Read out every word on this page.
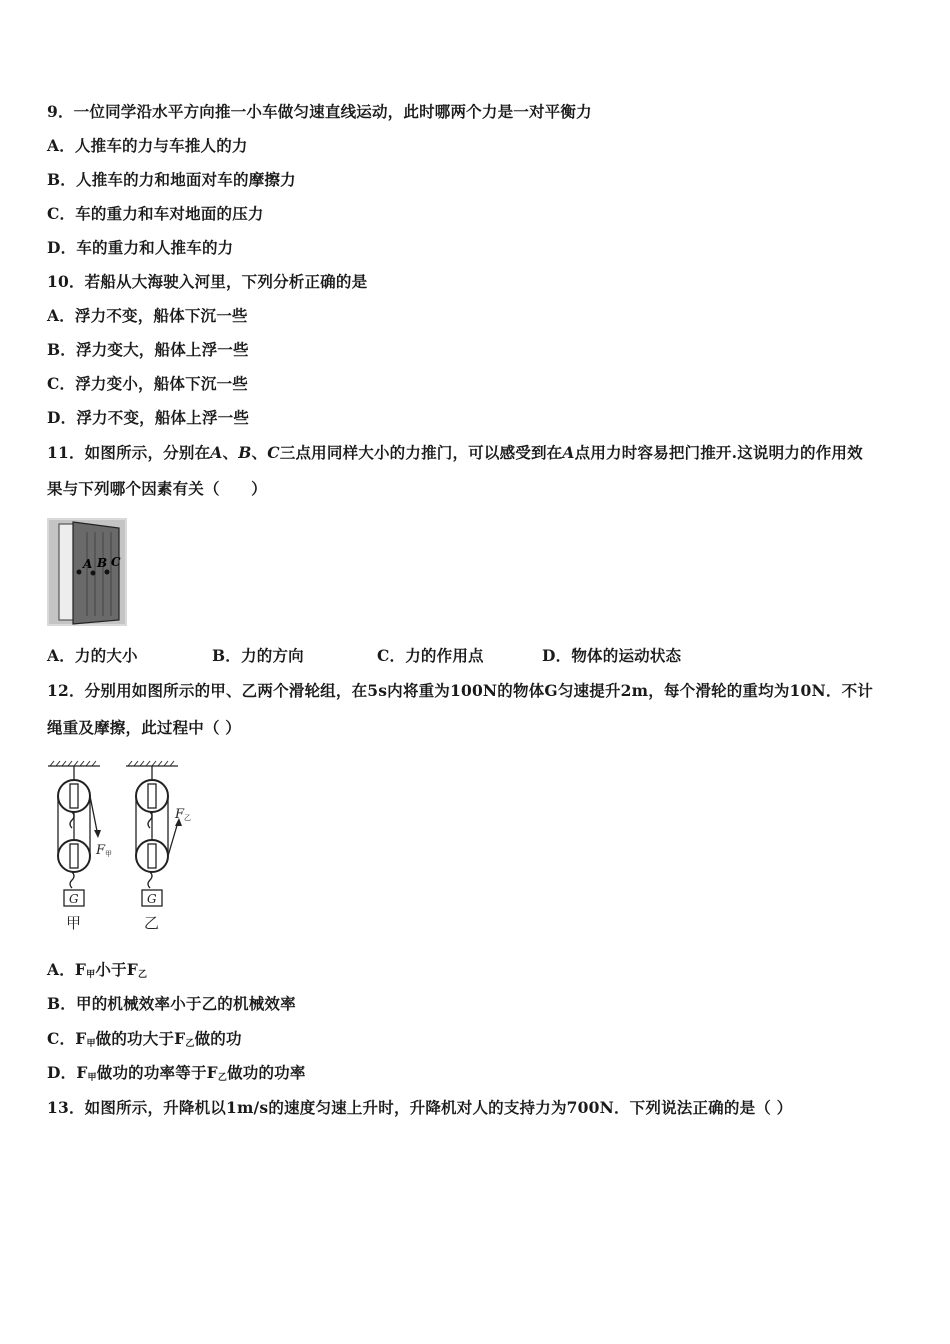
9．一位同学沿水平方向推一小车做匀速直线运动，此时哪两个力是一对平衡力
A．人推车的力与车推人的力
B．人推车的力和地面对车的摩擦力
C．车的重力和车对地面的压力
D．车的重力和人推车的力
10．若船从大海驶入河里，下列分析正确的是
A．浮力不变，船体下沉一些
B．浮力变大，船体上浮一些
C．浮力变小，船体下沉一些
D．浮力不变，船体上浮一些
11．如图所示，分别在A、B、C三点用同样大小的力推门，可以感受到在A点用力时容易把门推开.这说明力的作用效
果与下列哪个因素有关（　　）
A B C
A．力的大小	B．力的方向	C．力的作用点	D．物体的运动状态
12．分别用如图所示的甲、乙两个滑轮组，在5s内将重为100N的物体G匀速提升2m，每个滑轮的重均为10N．不计
绳重及摩擦，此过程中（ ）
G	G
甲	乙
F 甲
F 乙
A．$F_甲$小于$F_乙$
B．甲的机械效率小于乙的机械效率
C．$F_甲$做的功大于$F_乙$做的功
D．$F_甲$做功的功率等于$F_乙$做功的功率
13．如图所示，升降机以1m/s的速度匀速上升时，升降机对人的支持力为700N．下列说法正确的是（ ）
